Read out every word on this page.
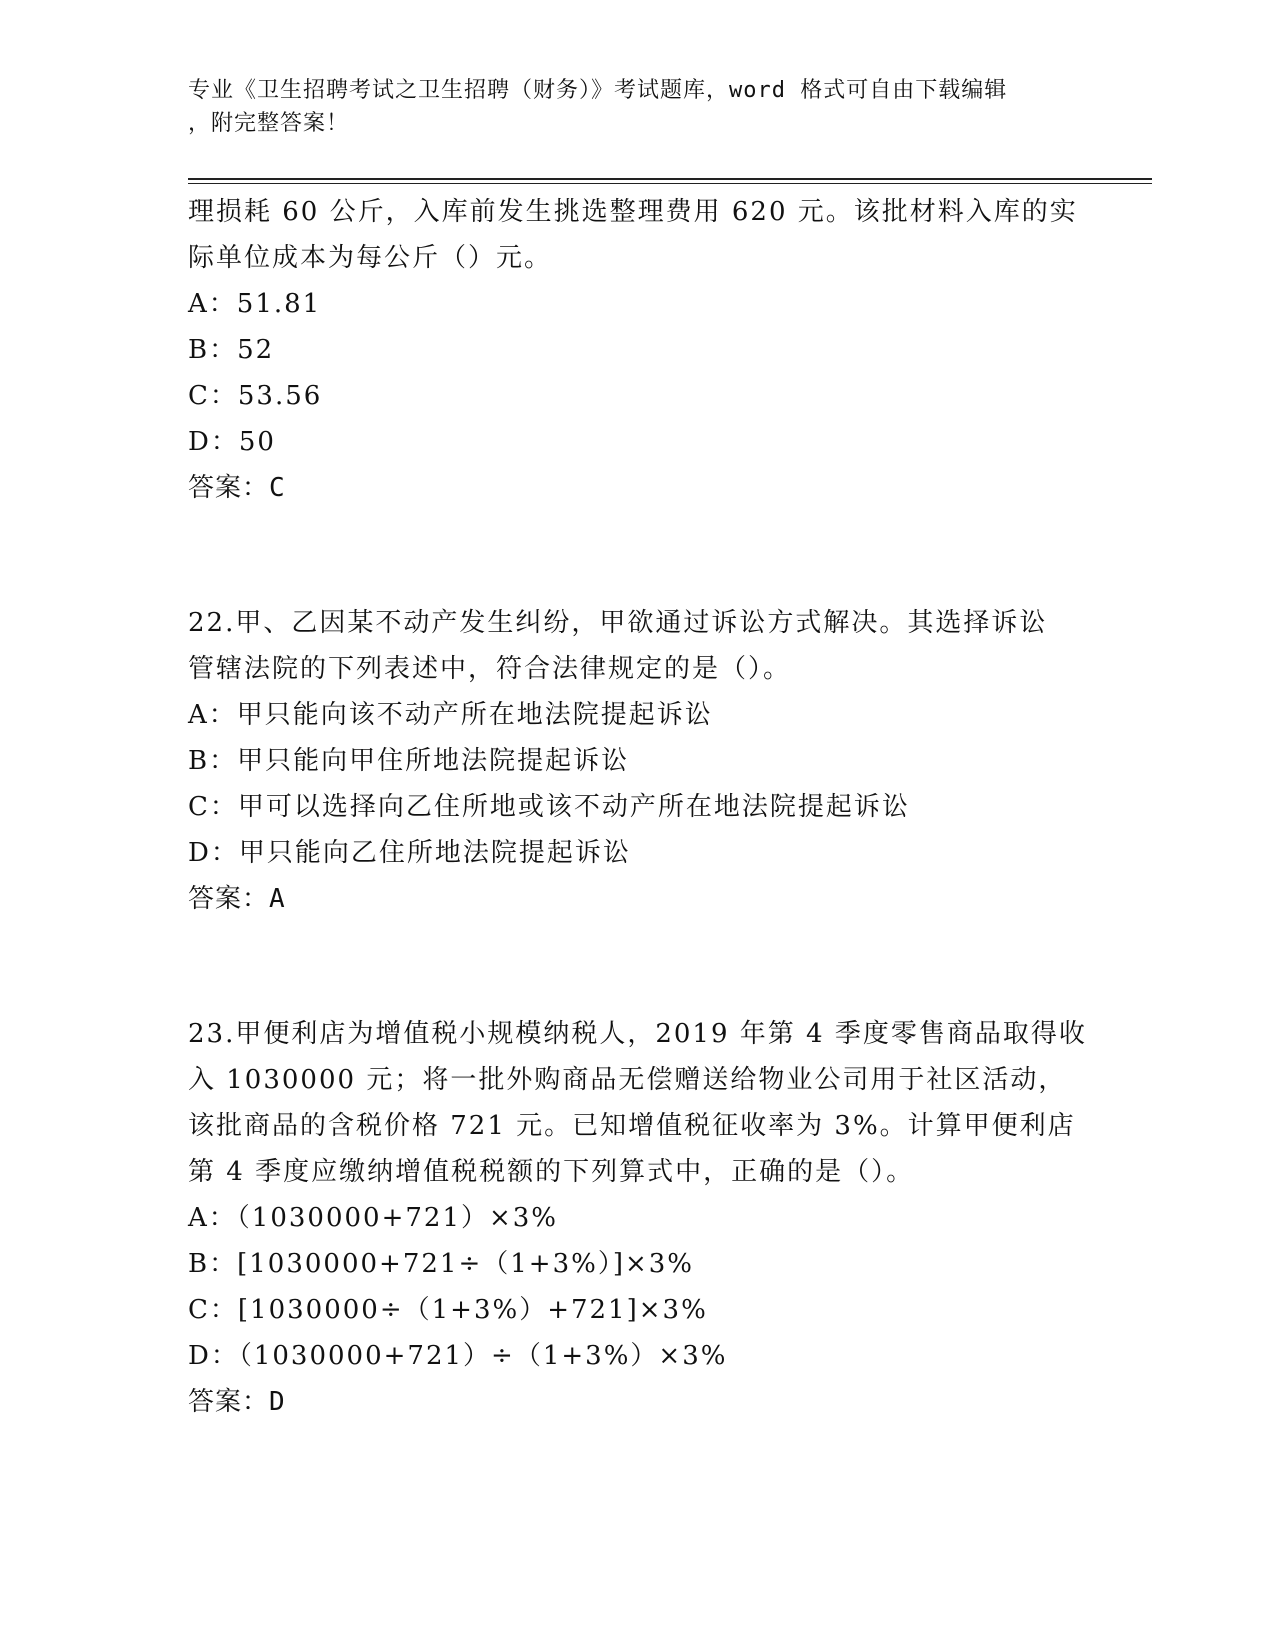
专业《卫生招聘考试之卫生招聘（财务）》考试题库，word 格式可自由下载编辑
，附完整答案！
理损耗 60 公斤，入库前发生挑选整理费用 620 元。该批材料入库的实
际单位成本为每公斤（）元。
A：51.81
B：52
C：53.56
D：50
答案：C
22.甲、乙因某不动产发生纠纷，甲欲通过诉讼方式解决。其选择诉讼
管辖法院的下列表述中，符合法律规定的是（）。
A：甲只能向该不动产所在地法院提起诉讼
B：甲只能向甲住所地法院提起诉讼
C：甲可以选择向乙住所地或该不动产所在地法院提起诉讼
D：甲只能向乙住所地法院提起诉讼
答案：A
23.甲便利店为增值税小规模纳税人，2019 年第 4 季度零售商品取得收
入 1030000 元；将一批外购商品无偿赠送给物业公司用于社区活动，
该批商品的含税价格 721 元。已知增值税征收率为 3%。计算甲便利店
第 4 季度应缴纳增值税税额的下列算式中，正确的是（）。
A：（1030000+721）×3%
B：[1030000+721÷（1+3%）]×3%
C：[1030000÷（1+3%）+721]×3%
D：（1030000+721）÷（1+3%）×3%
答案：D
